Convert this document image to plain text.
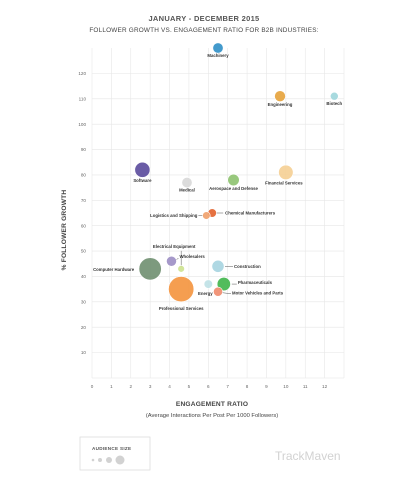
JANUARY - DECEMBER 2015
FOLLOWER GROWTH VS. ENGAGEMENT RATIO FOR B2B INDUSTRIES:
0	1	2	3	4	5	6	7	8	9	10	11	12
10
20
30
40
50
60
70
80
90
100
110
120
Machinery
Engineering	Biotech
Software
Medical	Aerospace and Defense
Financial Services
Chemical Manufacturers
Logistics and Shipping
Wholesalers
Computer Hardware
Construction
Pharmaceuticals
Motor Vehicles and Parts
Energy
Professional Services
Electrical Equipment
% FOLLOWER GROWTH
ENGAGEMENT RATIO
(Average Interactions Per Post Per 1000 Followers)
AUDIENCE SIZE
TrackMaven
